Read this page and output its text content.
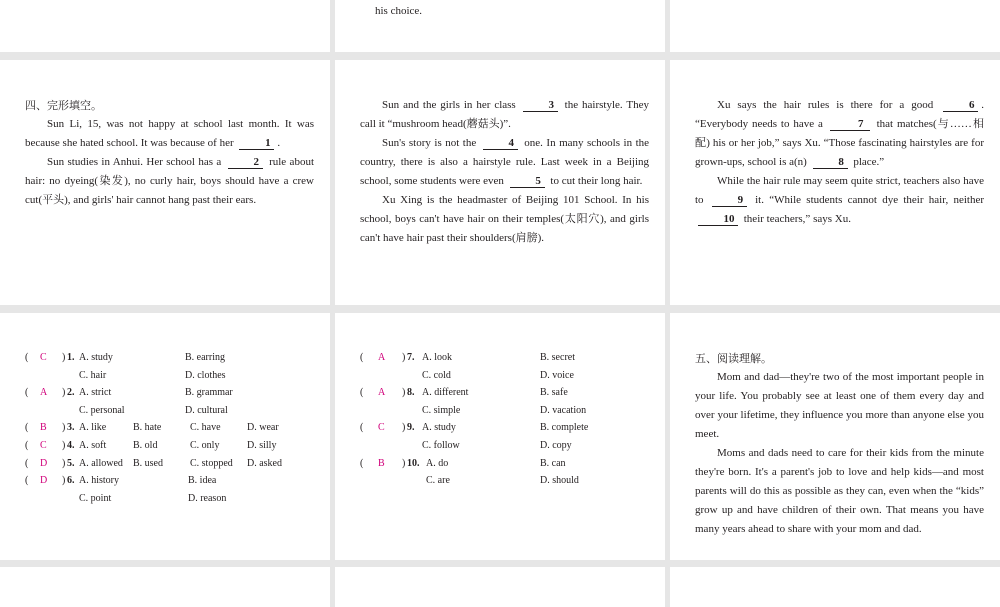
his choice.

四、完形填空。

Sun Li, 15, was not happy at school last month. It was because she hated school. It was because of her	1 .

Sun studies in Anhui. Her school has a	2 rule about hair: no dyeing(染发), no curly hair, boys should have a crew cut(平头), and girls' hair cannot hang past their ears.

Sun and the girls in her class	3 the hairstyle. They call it “mushroom head(蘑菇头)”.

Sun's story is not the	4 one. In many schools in the country, there is also a hairstyle rule. Last week in a Beijing school, some students were even	5 to cut their long hair.

Xu Xing is the headmaster of Beijing 101 School. In his school, boys can't have hair on their temples(太阳穴), and girls can't have hair past their shoulders(肩膀).

Xu says the hair rules is there for a good	6 . “Everybody needs to have a	7 that matches(与……相配) his or her job,” says Xu. “Those fascinating hairstyles are for grown-ups, school is a(n)	8 place.”

While the hair rule may seem quite strict, teachers also have to	9 it. “While students cannot dye their hair, neither 10 their teachers,” says Xu.

( C ) 1. A. study	B. earring
C. hair	D. clothes
( A ) 2. A. strict	B. grammar
C. personal	D. cultural
( B ) 3. A. like	B. hate	C. have	D. wear
( C ) 4. A. soft	B. old	C. only	D. silly
( D ) 5. A. allowed B. used	C. stopped D. asked
( D ) 6. A. history	B. idea
C. point	D. reason
( A ) 7. A. look	B. secret
C. cold	D. voice
( A ) 8. A. different	B. safe
C. simple	D. vacation
( C ) 9. A. study	B. complete
C. follow	D. copy
( B ) 10. A. do	B. can
C. are	D. should

五、阅读理解。

Mom and dad—they're two of the most important people in your life. You probably see at least one of them every day and over your lifetime, they influence you more than anyone else you meet.

Moms and dads need to care for their kids from the minute they're born. It's a parent's job to love and help kids—and most parents will do this as possible as they can, even when the “kids” grow up and have children of their own. That means you have many years ahead to share with your mom and dad.
